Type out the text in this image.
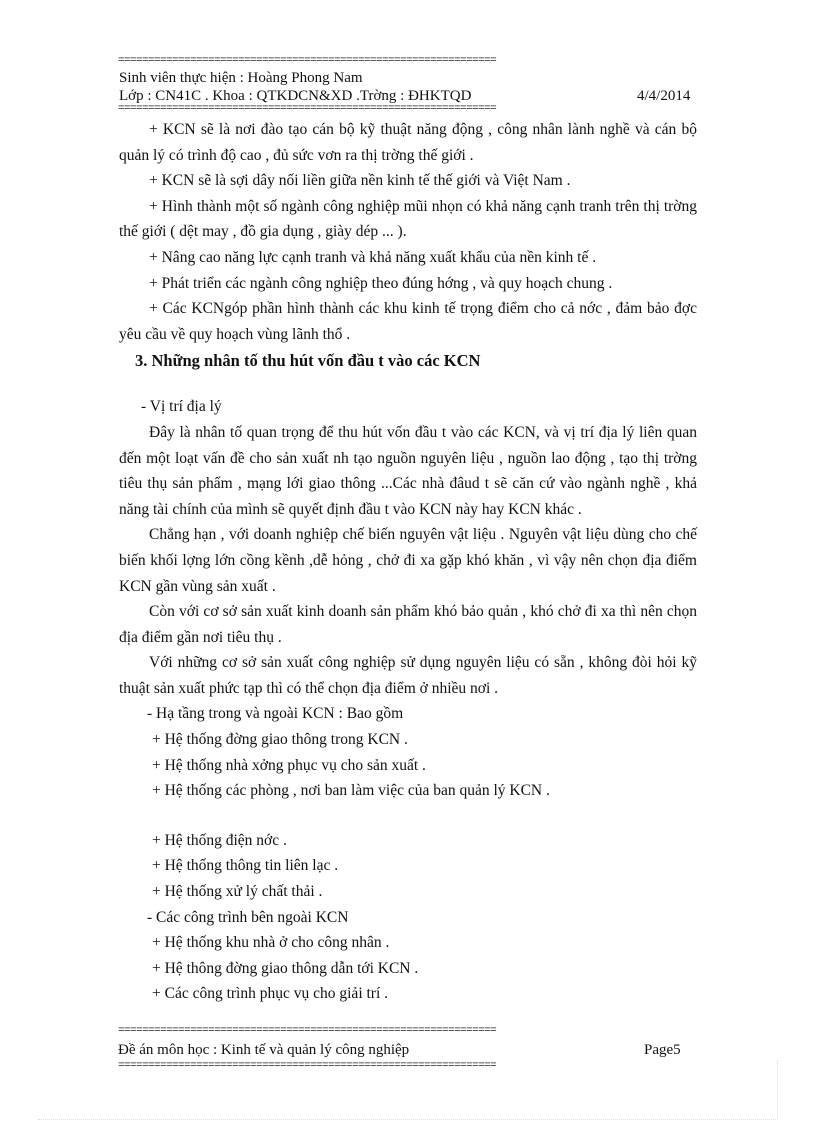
===============================================================
Sinh viên thực hiện : Hoàng Phong Nam
Lớp : CN41C . Khoa : QTKDCN&XD .Trờng : ĐHKTQD	4/4/2014
===============================================================

+ KCN sẽ là nơi đào tạo cán bộ kỹ thuật năng động , công nhân lành nghề và cán bộ quản lý có trình độ cao , đủ sức vơn ra thị trờng thế giới .

+ KCN sẽ là sợi dây nối liền giữa nền kinh tế thế giới và Việt Nam .

+ Hình thành một số ngành công nghiệp mũi nhọn có khả năng cạnh tranh trên thị trờng thế giới ( dệt may , đồ gia dụng , giày dép ... ).

+ Nâng cao năng lực cạnh tranh và khả năng xuất khẩu của nền kinh tế .

+ Phát triển các ngành công nghiệp theo đúng hớng , và quy hoạch chung .

+ Các KCNgóp phần hình thành các khu kinh tế trọng điểm cho cả nớc , đảm bảo đợc yêu cầu về quy hoạch vùng lãnh thổ .

3. Những nhân tố thu hút vốn đầu t vào các KCN

- Vị trí địa lý

Đây là nhân tố quan trọng để thu hút vốn đầu t vào các KCN, và vị trí địa lý liên quan đến một loạt vấn đề cho sản xuất nh tạo nguồn nguyên liệu , nguồn lao động , tạo thị trờng tiêu thụ sản phẩm , mạng lới giao thông ...Các nhà đâud t sẽ căn cứ vào ngành nghề , khả năng tài chính của mình sẽ quyết định đầu t vào KCN này hay KCN khác .

Chẳng hạn , với doanh nghiệp chế biến nguyên vật liệu . Nguyên vật liệu dùng cho chế biến khối lợng lớn cồng kềnh ,dễ hỏng , chở đi xa gặp khó khăn , vì vậy nên chọn địa điểm KCN gần vùng sản xuất .

Còn với cơ sở sản xuất kinh doanh sản phẩm khó bảo quản , khó chở đi xa thì nên chọn địa điểm gần nơi tiêu thụ .

Với những cơ sở sản xuất công nghiệp sử dụng nguyên liệu có sẵn , không đòi hỏi kỹ thuật sản xuất phức tạp thì có thể chọn địa điểm ở nhiều nơi .

- Hạ tầng trong và ngoài KCN : Bao gồm

+ Hệ thống đờng giao thông trong KCN .

+ Hệ thống nhà xởng phục vụ cho sản xuất .

+ Hệ thống các phòng , nơi ban làm việc của ban quản lý KCN .

+ Hệ thống điện nớc .

+ Hệ thống thông tin liên lạc .

+ Hệ thống xử lý chất thải .

- Các công trình bên ngoài KCN

+ Hệ thống khu nhà ở cho công nhân .

+ Hệ thông đờng giao thông dẫn tới KCN .

+ Các công trình phục vụ cho giải trí .

===============================================================
Đề án môn học : Kinh tế và quản lý công nghiệp	Page5
===============================================================
